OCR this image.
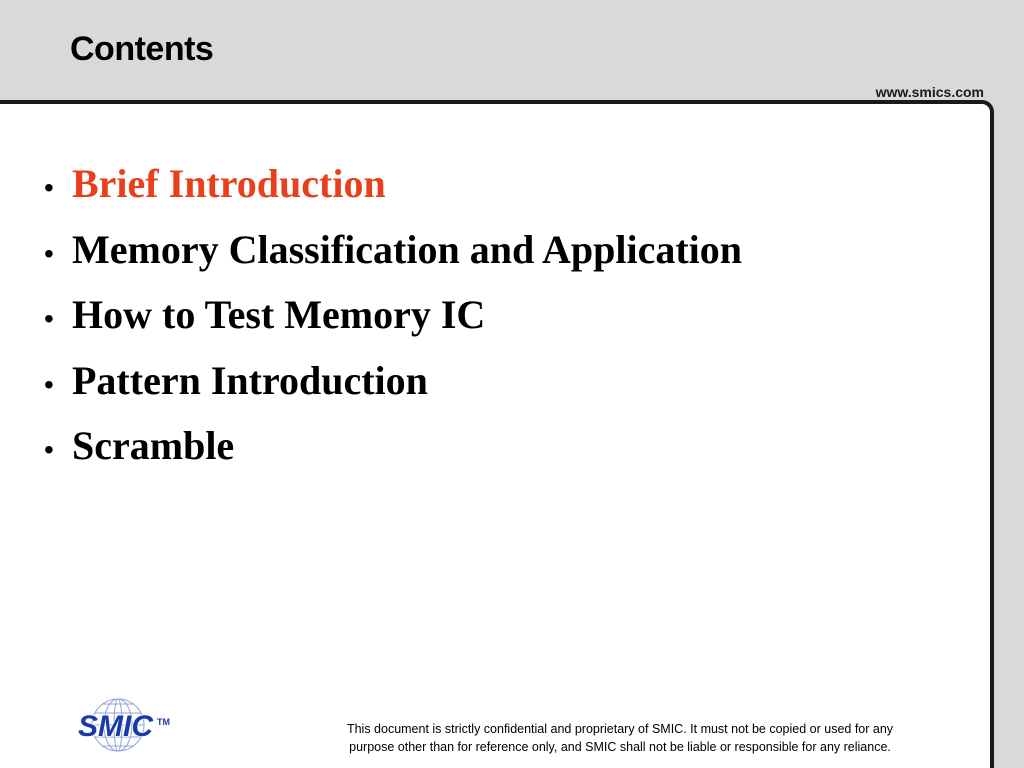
Contents
www.smics.com
• Brief Introduction
• Memory Classification and Application
• How to Test Memory IC
• Pattern Introduction
• Scramble
SMIC TM	This document is strictly confidential and proprietary of SMIC. It must not be copied or used for any
purpose other than for reference only, and SMIC shall not be liable or responsible for any reliance.
